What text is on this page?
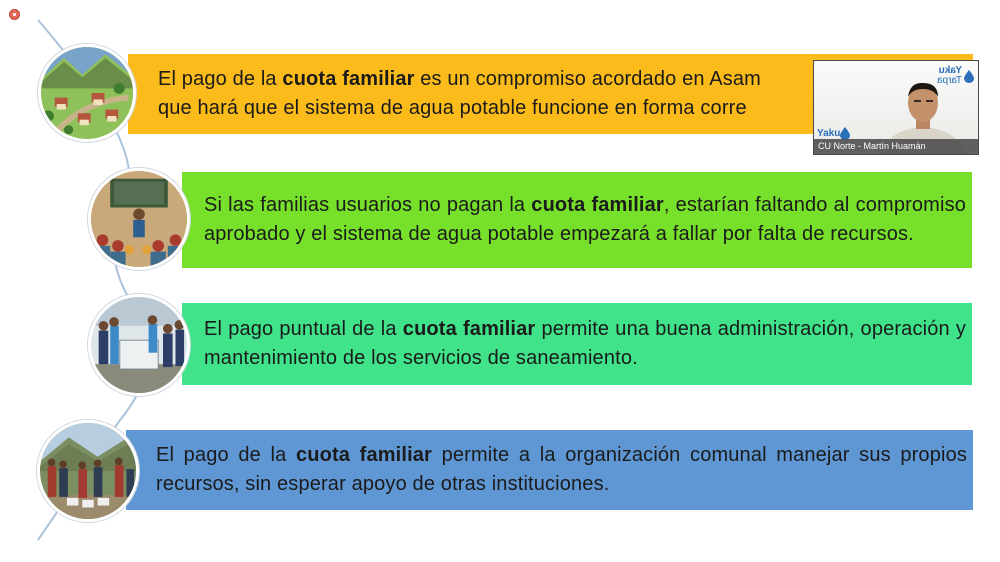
El pago de la cuota familiar es un compromiso acordado en Asam
que hará que el sistema de agua potable funcione en forma corre
Si las familias usuarios no pagan la cuota familiar, estarían faltando al compromiso aprobado y el sistema de agua potable empezará a fallar por falta de recursos.
El pago puntual de la cuota familiar permite una buena administración, operación y mantenimiento de los servicios de saneamiento.
El pago de la cuota familiar permite a la organización comunal manejar sus propios recursos, sin esperar apoyo de otras instituciones.
Yaku
Tarpa
Yaku
CU Norte - Martín Huamán
